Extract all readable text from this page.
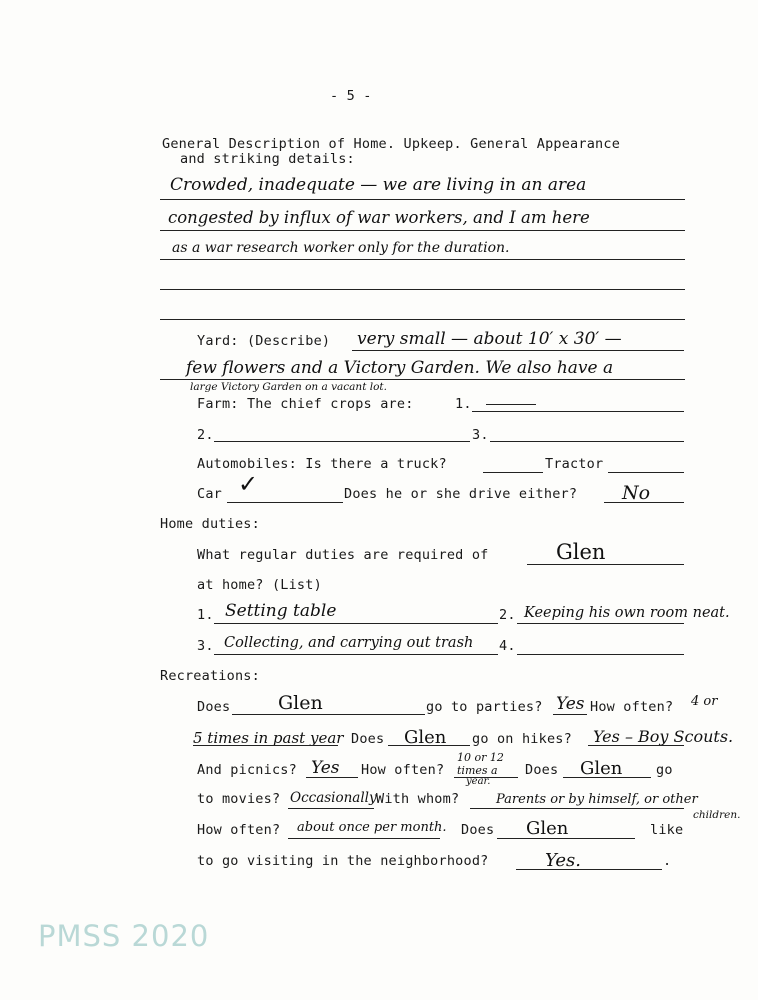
- 5 -
General Description of Home. Upkeep. General Appearance
and striking details:
Crowded, inadequate — we are living in an area
congested by influx of war workers, and I am here
as a war research worker only for the duration.
Yard: (Describe) very small — about 10′ x 30′ —
few flowers and a Victory Garden. We also have a
large Victory Garden on a vacant lot.
Farm: The chief crops are:	1.
2.	3.
Automobiles: Is there a truck?	Tractor
Car ✓	Does he or she drive either? No
Home duties:
What regular duties are required of	Glen
at home? (List)
1. Setting table	2. Keeping his own room neat.
3. Collecting, and carrying out trash 4.
Recreations:
Does	Glen	go to parties? Yes How often? 4 or
5 times in past year Does Glen go on hikes? Yes – Boy Scouts.
And picnics? Yes How often?
10 or 12
times a
year.
Does Glen go
to movies? Occasionally With whom?	Parents or by himself, or other
children.
How often? about once per month. Does Glen	like
to go visiting in the neighborhood?	Yes.	.
PMSS 2020
